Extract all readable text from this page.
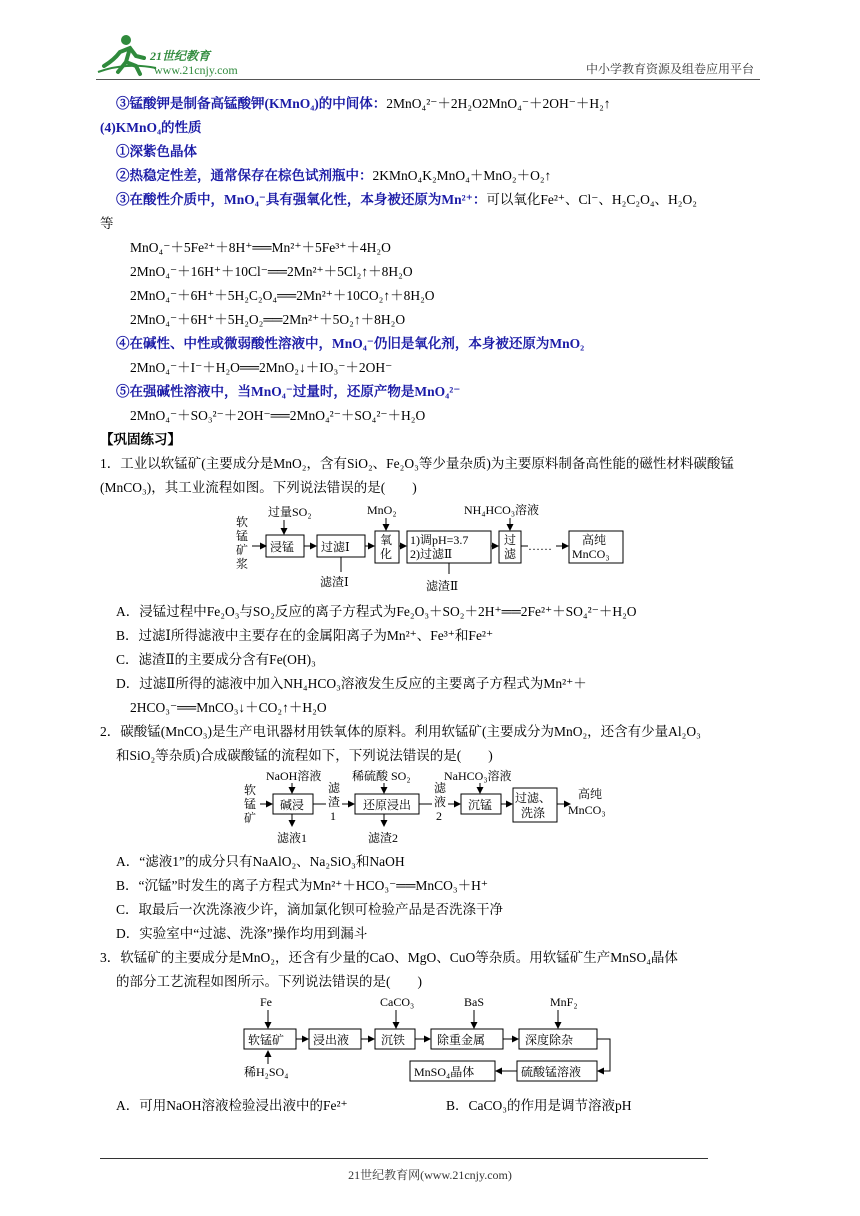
21世纪教育
www.21cnjy.com	中小学教育资源及组卷应用平台
③锰酸钾是制备高锰酸钾(KMnO₄)的中间体：2MnO₄²⁻＋2H₂O2MnO₄⁻＋2OH⁻＋H₂↑
(4)KMnO₄的性质
①深紫色晶体
②热稳定性差，通常保存在棕色试剂瓶中：2KMnO₄K₂MnO₄＋MnO₂＋O₂↑
③在酸性介质中，MnO₄⁻具有强氧化性，本身被还原为Mn²⁺：可以氧化Fe²⁺、Cl⁻、H₂C₂O₄、H₂O₂
等
MnO₄⁻＋5Fe²⁺＋8H⁺══Mn²⁺＋5Fe³⁺＋4H₂O
2MnO₄⁻＋16H⁺＋10Cl⁻══2Mn²⁺＋5Cl₂↑＋8H₂O
2MnO₄⁻＋6H⁺＋5H₂C₂O₄══2Mn²⁺＋10CO₂↑＋8H₂O
2MnO₄⁻＋6H⁺＋5H₂O₂══2Mn²⁺＋5O₂↑＋8H₂O
④在碱性、中性或微弱酸性溶液中，MnO₄⁻仍旧是氧化剂，本身被还原为MnO₂
2MnO₄⁻＋I⁻＋H₂O══2MnO₂↓＋IO₃⁻＋2OH⁻
⑤在强碱性溶液中，当MnO₄⁻过量时，还原产物是MnO₄²⁻
2MnO₄⁻＋SO₃²⁻＋2OH⁻══2MnO₄²⁻＋SO₄²⁻＋H₂O
【巩固练习】
1．工业以软锰矿(主要成分是MnO₂，含有SiO₂、Fe₂O₃等少量杂质)为主要原料制备高性能的磁性材料碳酸锰(MnCO₃)，其工业流程如图。下列说法错误的是(　　)
软
锰
矿
浆
过量SO₂
浸锰 过滤Ⅰ
滤渣Ⅰ
MnO₂
氧
化
1)调pH=3.7
2)过滤Ⅱ
滤渣Ⅱ
NH₄HCO₃溶液
过
滤
……	高纯
MnCO₃
A．浸锰过程中Fe₂O₃与SO₂反应的离子方程式为Fe₂O₃＋SO₂＋2H⁺══2Fe²⁺＋SO₄²⁻＋H₂O
B．过滤Ⅰ所得滤液中主要存在的金属阳离子为Mn²⁺、Fe³⁺和Fe²⁺
C．滤渣Ⅱ的主要成分含有Fe(OH)₃
D．过滤Ⅱ所得的滤液中加入NH₄HCO₃溶液发生反应的主要离子方程式为Mn²⁺＋
2HCO₃⁻══MnCO₃↓＋CO₂↑＋H₂O
2．碳酸锰(MnCO₃)是生产电讯器材用铁氧体的原料。利用软锰矿(主要成分为MnO₂，还含有少量Al₂O₃
和SiO₂等杂质)合成碳酸锰的流程如下，下列说法错误的是(　　)
软
锰
矿
NaOH溶液
碱浸
滤液1
滤
渣
1
稀硫酸 SO₂
还原浸出
滤渣2
滤
液
2
NaHCO₃溶液
沉锰 过滤、
洗涤
高纯
MnCO₃
A．“滤液1”的成分只有NaAlO₂、Na₂SiO₃和NaOH
B．“沉锰”时发生的离子方程式为Mn²⁺＋HCO₃⁻══MnCO₃＋H⁺
C．取最后一次洗涤液少许，滴加氯化钡可检验产品是否洗涤干净
D．实验室中“过滤、洗涤”操作均用到漏斗
3．软锰矿的主要成分是MnO₂，还含有少量的CaO、MgO、CuO等杂质。用软锰矿生产MnSO₄晶体
的部分工艺流程如图所示。下列说法错误的是(　　)
Fe
软锰矿
稀H₂SO₄
浸出液
CaCO₃
沉铁
BaS
除重金属
MnF₂
深度除杂
硫酸锰溶液
MnSO₄晶体
A．可用NaOH溶液检验浸出液中的Fe²⁺	B．CaCO₃的作用是调节溶液pH
21世纪教育网(www.21cnjy.com)
